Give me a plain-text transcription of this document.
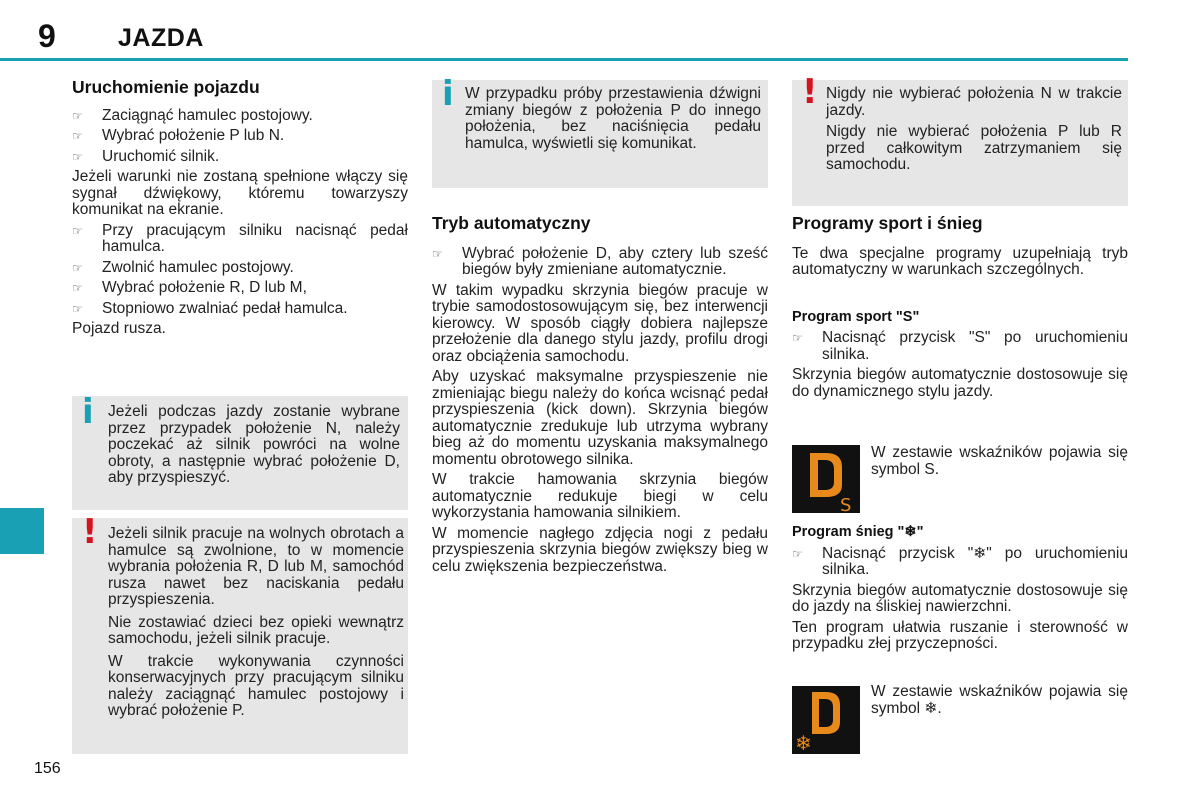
9 JAZDA
156
Uruchomienie pojazdu

☞ Zaciągnąć hamulec postojowy.

☞ Wybrać położenie P lub N.

☞ Uruchomić silnik.

Jeżeli warunki nie zostaną spełnione włączy się sygnał dźwiękowy, któremu towarzyszy komunikat na ekranie.

☞ Przy pracującym silniku nacisnąć pedał hamulca.

☞ Zwolnić hamulec postojowy.

☞ Wybrać położenie R, D lub M,

☞ Stopniowo zwalniać pedał hamulca.

Pojazd rusza.

i Jeżeli podczas jazdy zostanie wybrane przez przypadek położenie N, należy poczekać aż silnik powróci na wolne obroty, a następnie wybrać położenie D, aby przyspieszyć.

! Jeżeli silnik pracuje na wolnych obrotach a hamulce są zwolnione, to w momencie wybrania położenia R, D lub M, samochód rusza nawet bez naciskania pedału przyspieszenia.

Nie zostawiać dzieci bez opieki wewnątrz samochodu, jeżeli silnik pracuje.

W trakcie wykonywania czynności konserwacyjnych przy pracującym silniku należy zaciągnąć hamulec postojowy i wybrać położenie P.

i W przypadku próby przestawienia dźwigni zmiany biegów z położenia P do innego położenia, bez naciśnięcia pedału hamulca, wyświetli się komunikat.

Tryb automatyczny

☞ Wybrać położenie D, aby cztery lub sześć biegów były zmieniane automatycznie.

W takim wypadku skrzynia biegów pracuje w trybie samodostosowującym się, bez interwencji kierowcy. W sposób ciągły dobiera najlepsze przełożenie dla danego stylu jazdy, profilu drogi oraz obciążenia samochodu.

Aby uzyskać maksymalne przyspieszenie nie zmieniając biegu należy do końca wcisnąć pedał przyspieszenia (kick down). Skrzynia biegów automatycznie zredukuje lub utrzyma wybrany bieg aż do momentu uzyskania maksymalnego momentu obrotowego silnika.

W trakcie hamowania skrzynia biegów automatycznie redukuje biegi w celu wykorzystania hamowania silnikiem.

W momencie nagłego zdjęcia nogi z pedału przyspieszenia skrzynia biegów zwiększy bieg w celu zwiększenia bezpieczeństwa.

! Nigdy nie wybierać położenia N w trakcie jazdy.

Nigdy nie wybierać położenia P lub R przed całkowitym zatrzymaniem się samochodu.

Programy sport i śnieg

Te dwa specjalne programy uzupełniają tryb automatyczny w warunkach szczególnych.

Program sport "S"

☞ Nacisnąć przycisk "S" po uruchomieniu silnika.

Skrzynia biegów automatycznie dostosowuje się do dynamicznego stylu jazdy.

S

W zestawie wskaźników pojawia się symbol S.

Program śnieg "❄"

☞ Nacisnąć przycisk "❄" po uruchomieniu silnika.

Skrzynia biegów automatycznie dostosowuje się do jazdy na śliskiej nawierzchni.

Ten program ułatwia ruszanie i sterowność w przypadku złej przyczepności.

❄

W zestawie wskaźników pojawia się symbol ❄.
